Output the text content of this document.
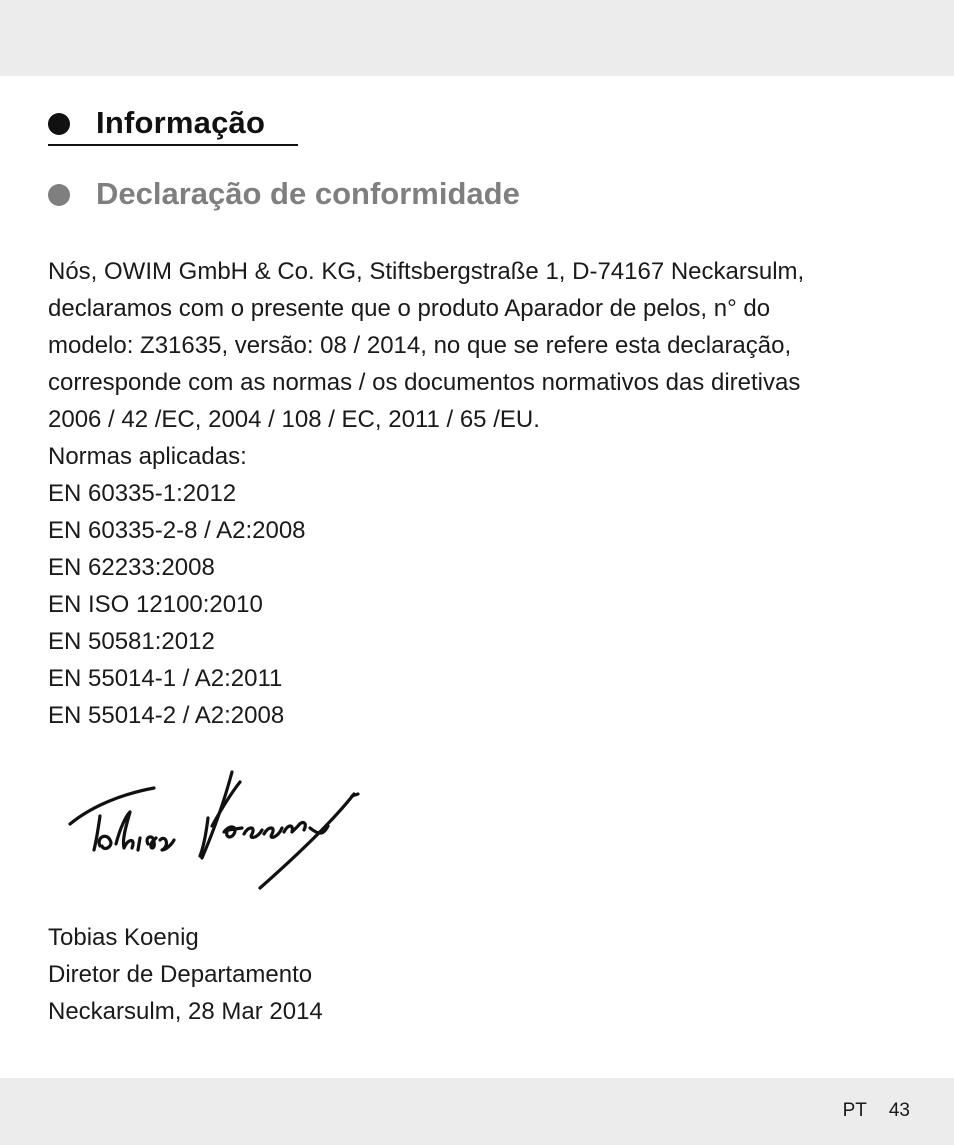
Informação
Declaração de conformidade
Nós, OWIM GmbH & Co. KG, Stiftsbergstraße 1, D-74167 Neckarsulm,
declaramos com o presente que o produto Aparador de pelos, n° do
modelo: Z31635, versão: 08 / 2014, no que se refere esta declaração,
corresponde com as normas / os documentos normativos das diretivas
2006 / 42 /EC, 2004 / 108 / EC, 2011 / 65 /EU.
Normas aplicadas:
EN 60335-1:2012
EN 60335-2-8 / A2:2008
EN 62233:2008
EN ISO 12100:2010
EN 50581:2012
EN 55014-1 / A2:2011
EN 55014-2 / A2:2008
Tobias Koenig
Diretor de Departamento
Neckarsulm, 28 Mar 2014
PT 43
